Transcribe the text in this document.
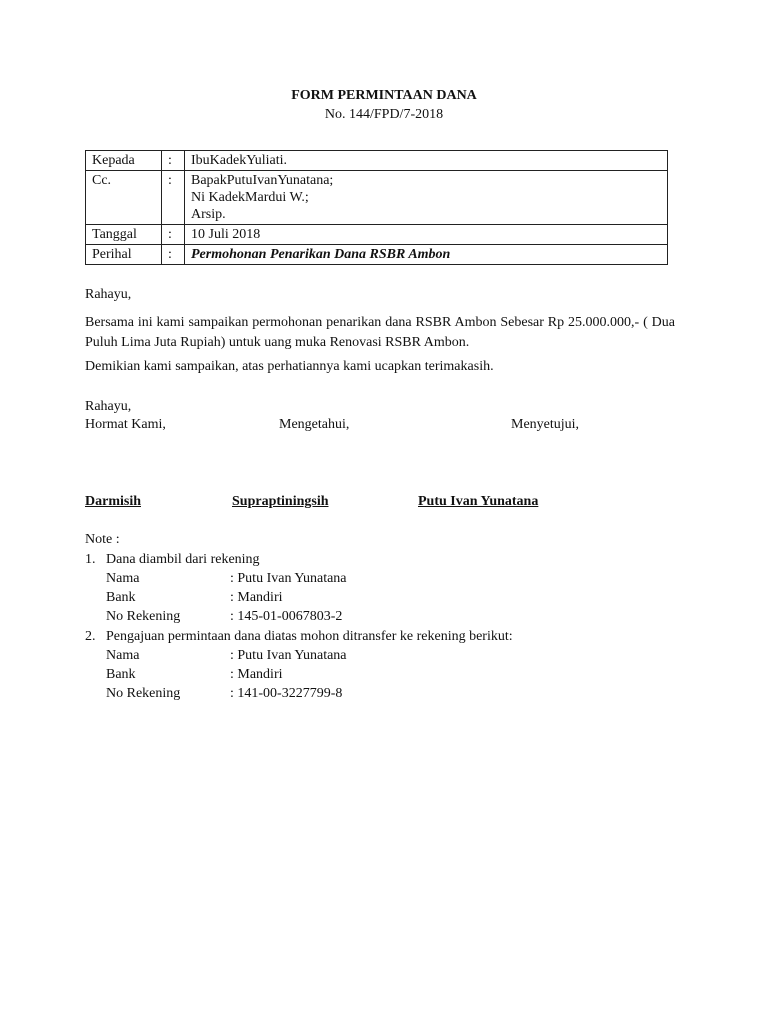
FORM PERMINTAAN DANA
No. 144/FPD/7-2018
Kepada	:	IbuKadekYuliati.
Cc.	:	BapakPutuIvanYunatana;
Ni KadekMardui W.;
Arsip.

Tanggal	:	10 Juli 2018
Perihal	:	Permohonan Penarikan Dana RSBR Ambon
Rahayu,
Bersama ini kami sampaikan permohonan penarikan dana RSBR Ambon Sebesar Rp 25.000.000,- ( Dua Puluh Lima Juta Rupiah) untuk uang muka Renovasi RSBR Ambon.
Demikian kami sampaikan, atas perhatiannya kami ucapkan terimakasih.
Rahayu,
Hormat Kami,	Mengetahui,	Menyetujui,
Darmisih	Supraptiningsih	Putu Ivan Yunatana
Note :
1. Dana diambil dari rekening
Nama	: Putu Ivan Yunatana
Bank	: Mandiri
No Rekening	: 145-01-0067803-2
2. Pengajuan permintaan dana diatas mohon ditransfer ke rekening berikut:
Nama	: Putu Ivan Yunatana
Bank	: Mandiri
No Rekening	: 141-00-3227799-8
